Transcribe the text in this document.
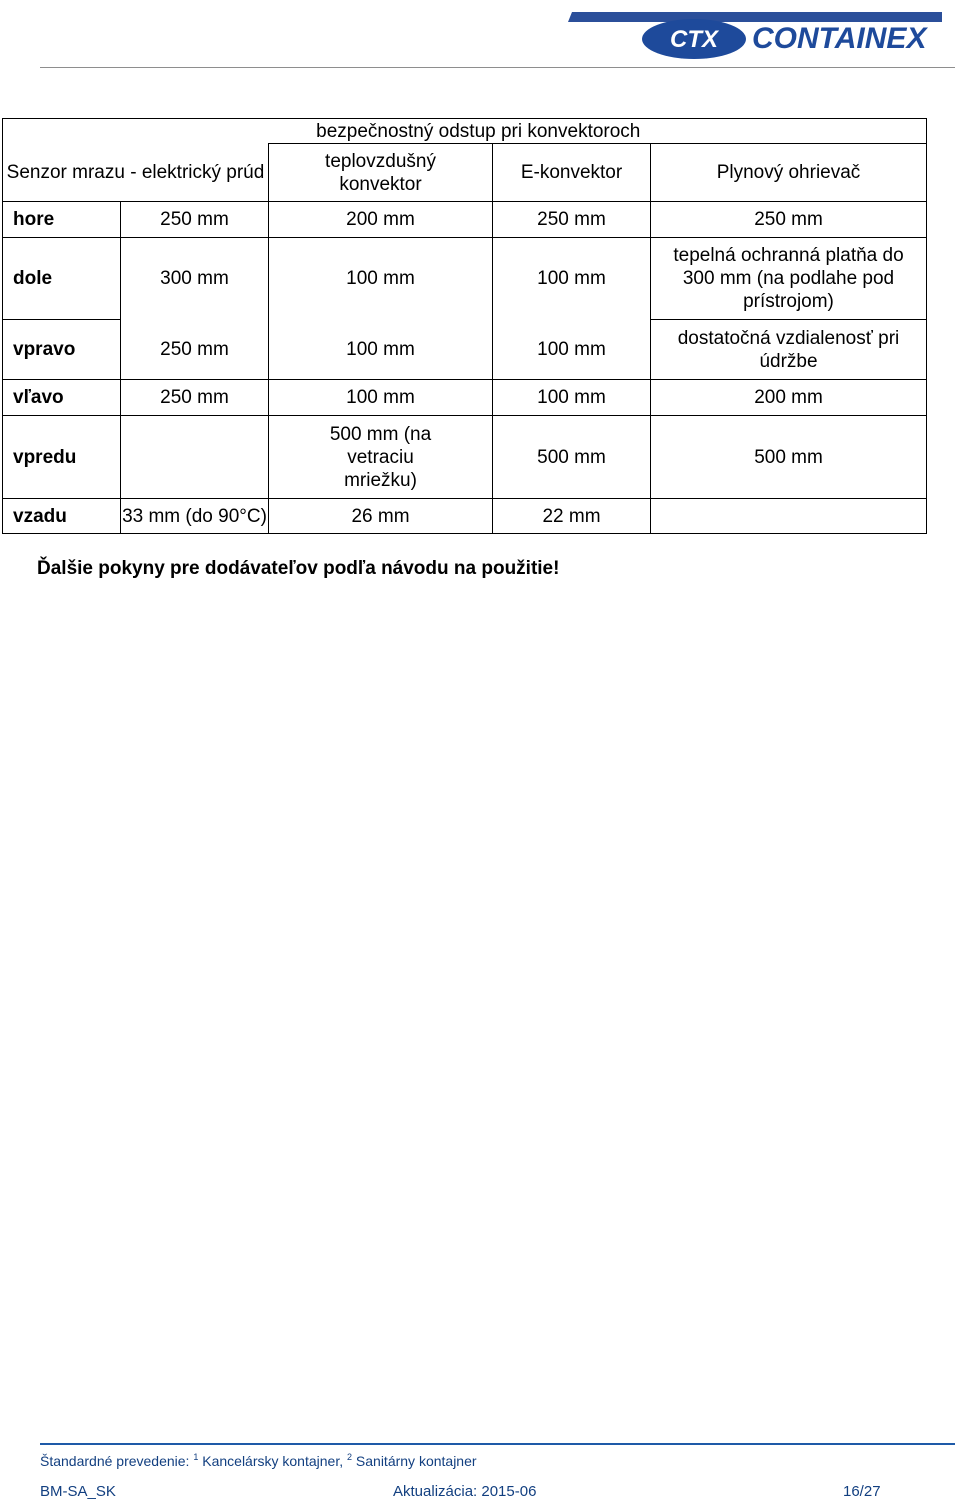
CTX CONTAINEX
	bezpečnostný odstup pri konvektoroch			
Senzor mrazu - elektrický prúd		teplovzdušný konvektor	E-konvektor	Plynový ohrievač
hore	250 mm	200 mm	250 mm	250 mm
dole	300 mm	100 mm	100 mm	tepelná ochranná platňa do 300 mm (na podlahe pod prístrojom)
vpravo	250 mm	100 mm	100 mm	dostatočná vzdialenosť pri údržbe
vľavo	250 mm	100 mm	100 mm	200 mm
vpredu		500 mm (na vetraciu mriežku)	500 mm	500 mm
vzadu	33 mm (do 90°C)	26 mm	22 mm	
Ďalšie pokyny pre dodávateľov podľa návodu na použitie!
Štandardné prevedenie: $^1$ Kancelársky kontajner, $^2$ Sanitárny kontajner
BM-SA_SK	Aktualizácia: 2015-06	16/27
